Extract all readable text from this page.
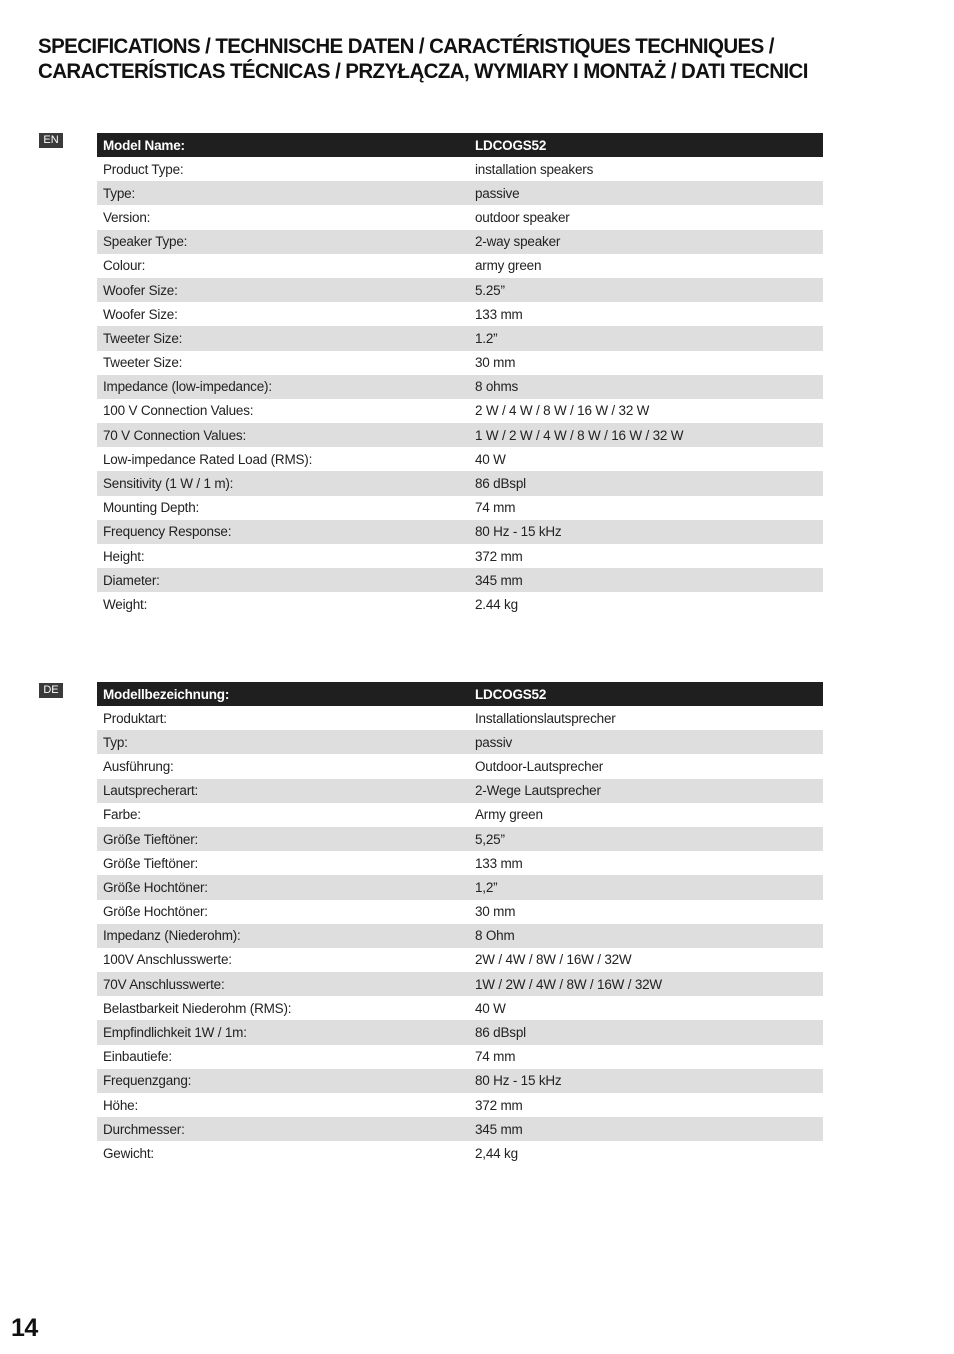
SPECIFICATIONS / TECHNISCHE DATEN / CARACTÉRISTIQUES TECHNIQUES / CARACTERÍSTICAS TÉCNICAS / PRZYŁĄCZA, WYMIARY I MONTAŻ / DATI TECNICI
EN	Model Name:	LDCOGS52
Product Type:	installation speakers
Type:	passive
Version:	outdoor speaker
Speaker Type:	2-way speaker
Colour:	army green
Woofer Size:	5.25”
Woofer Size:	133 mm
Tweeter Size:	1.2”
Tweeter Size:	30 mm
Impedance (low-impedance):	8 ohms
100 V Connection Values:	2 W / 4 W / 8 W / 16 W / 32 W
70 V Connection Values:	1 W / 2 W / 4 W / 8 W / 16 W / 32 W
Low-impedance Rated Load (RMS):	40 W
Sensitivity (1 W / 1 m):	86 dBspl
Mounting Depth:	74 mm
Frequency Response:	80 Hz - 15 kHz
Height:	372 mm
Diameter:	345 mm
Weight:	2.44 kg
DE	Modellbezeichnung:	LDCOGS52
Produktart:	Installationslautsprecher
Typ:	passiv
Ausführung:	Outdoor-Lautsprecher
Lautsprecherart:	2-Wege Lautsprecher
Farbe:	Army green
Größe Tieftöner:	5,25”
Größe Tieftöner:	133 mm
Größe Hochtöner:	1,2”
Größe Hochtöner:	30 mm
Impedanz (Niederohm):	8 Ohm
100V Anschlusswerte:	2W / 4W / 8W / 16W / 32W
70V Anschlusswerte:	1W / 2W / 4W / 8W / 16W / 32W
Belastbarkeit Niederohm (RMS):	40 W
Empfindlichkeit 1W / 1m:	86 dBspl
Einbautiefe:	74 mm
Frequenzgang:	80 Hz - 15 kHz
Höhe:	372 mm
Durchmesser:	345 mm
Gewicht:	2,44 kg
14
